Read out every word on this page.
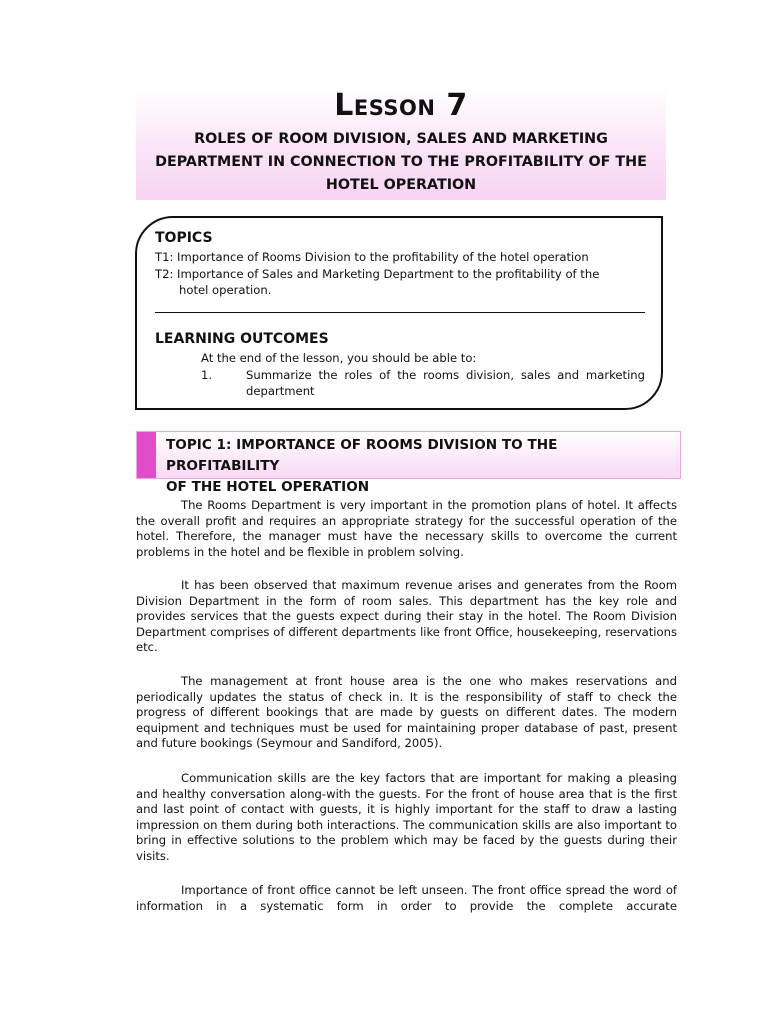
Lesson 7
ROLES OF ROOM DIVISION, SALES AND MARKETING DEPARTMENT IN CONNECTION TO THE PROFITABILITY OF THE HOTEL OPERATION
TOPICS
T1: Importance of Rooms Division to the profitability of the hotel operation
T2: Importance of Sales and Marketing Department to the profitability of the
hotel operation.
LEARNING OUTCOMES
At the end of the lesson, you should be able to:
1.	Summarize the roles of the rooms division, sales and marketing
department
TOPIC 1: IMPORTANCE OF ROOMS DIVISION TO THE PROFITABILITY
OF THE HOTEL OPERATION

The Rooms Department is very important in the promotion plans of hotel. It affects the overall profit and requires an appropriate strategy for the successful operation of the hotel. Therefore, the manager must have the necessary skills to overcome the current problems in the hotel and be flexible in problem solving.

It has been observed that maximum revenue arises and generates from the Room Division Department in the form of room sales. This department has the key role and provides services that the guests expect during their stay in the hotel. The Room Division Department comprises of different departments like front Office, housekeeping, reservations etc.

The management at front house area is the one who makes reservations and periodically updates the status of check in. It is the responsibility of staff to check the progress of different bookings that are made by guests on different dates. The modern equipment and techniques must be used for maintaining proper database of past, present and future bookings (Seymour and Sandiford, 2005).

Communication skills are the key factors that are important for making a pleasing and healthy conversation along-with the guests. For the front of house area that is the first and last point of contact with guests, it is highly important for the staff to draw a lasting impression on them during both interactions. The communication skills are also important to bring in effective solutions to the problem which may be faced by the guests during their visits.

Importance of front office cannot be left unseen. The front office spread the word of information in a systematic form in order to provide the complete accurate
